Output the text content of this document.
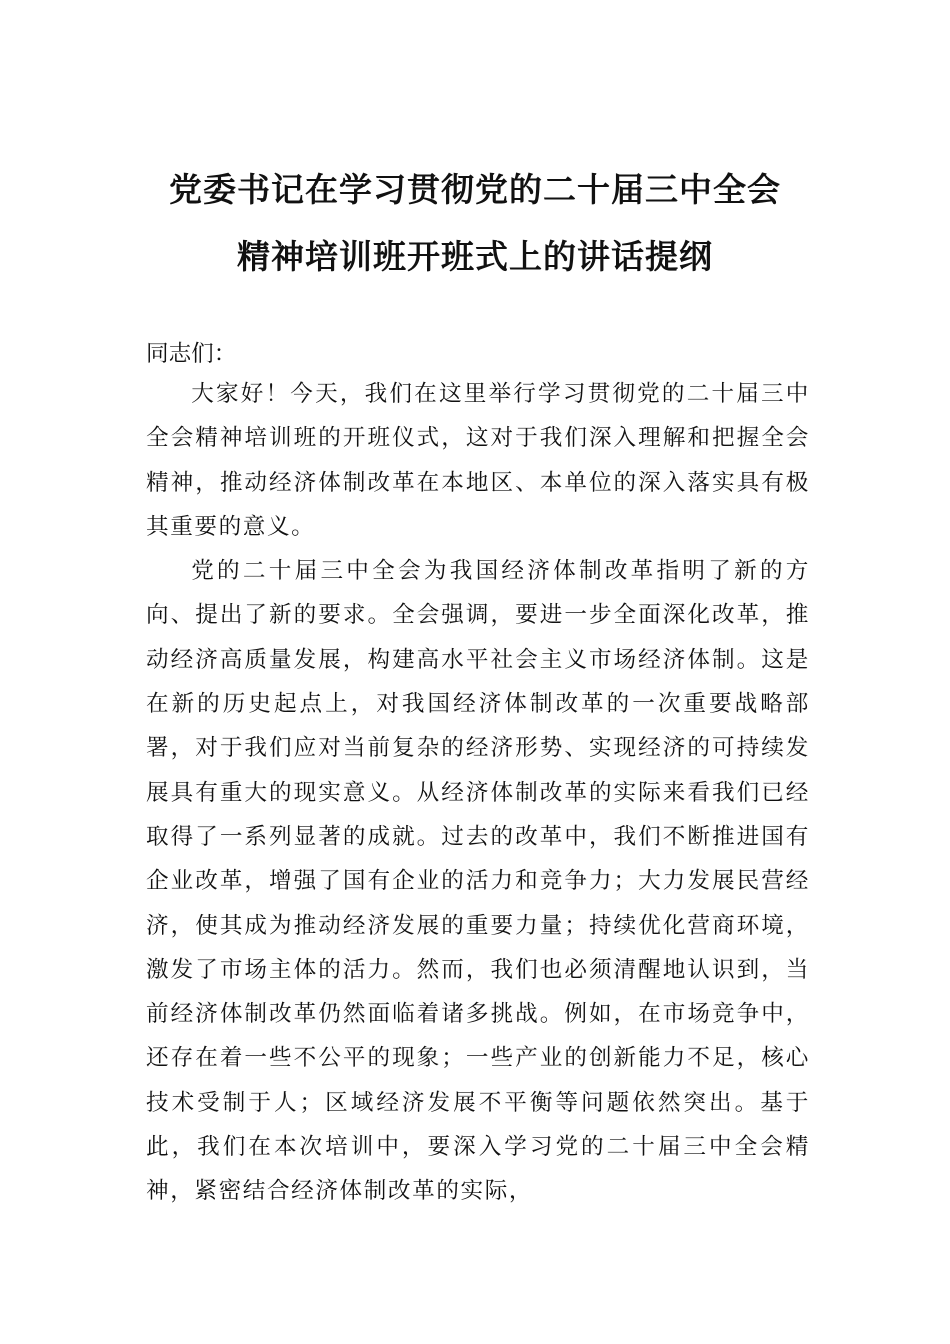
党委书记在学习贯彻党的二十届三中全会
精神培训班开班式上的讲话提纲
同志们：

大家好！今天，我们在这里举行学习贯彻党的二十届三中全会精神培训班的开班仪式，这对于我们深入理解和把握全会精神，推动经济体制改革在本地区、本单位的深入落实具有极其重要的意义。

党的二十届三中全会为我国经济体制改革指明了新的方向、提出了新的要求。全会强调，要进一步全面深化改革，推动经济高质量发展，构建高水平社会主义市场经济体制。这是在新的历史起点上，对我国经济体制改革的一次重要战略部署，对于我们应对当前复杂的经济形势、实现经济的可持续发展具有重大的现实意义。从经济体制改革的实际来看我们已经取得了一系列显著的成就。过去的改革中，我们不断推进国有企业改革，增强了国有企业的活力和竞争力；大力发展民营经济，使其成为推动经济发展的重要力量；持续优化营商环境，激发了市场主体的活力。然而，我们也必须清醒地认识到，当前经济体制改革仍然面临着诸多挑战。例如，在市场竞争中，还存在着一些不公平的现象；一些产业的创新能力不足，核心技术受制于人；区域经济发展不平衡等问题依然突出。基于此，我们在本次培训中，要深入学习党的二十届三中全会精神，紧密结合经济体制改革的实际，
